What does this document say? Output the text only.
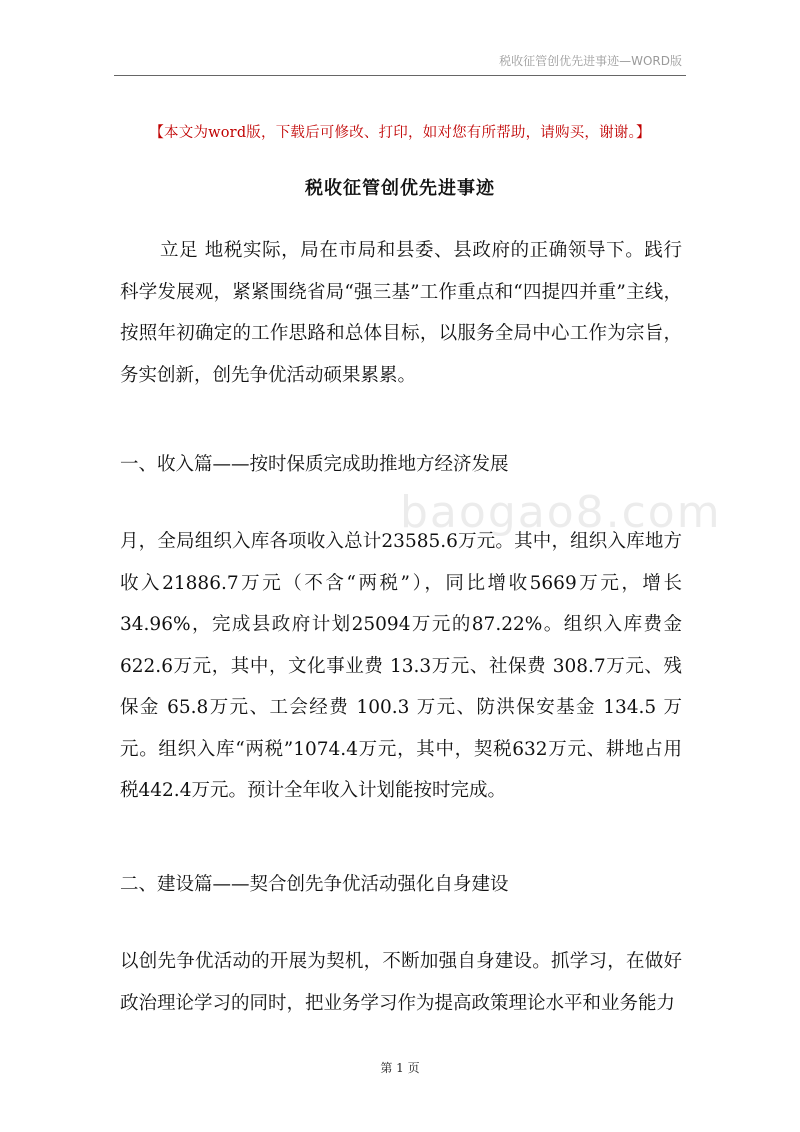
税收征管创优先进事迹—WORD版
【本文为word版，下载后可修改、打印，如对您有所帮助，请购买，谢谢。】
税收征管创优先进事迹

立足 地税实际，局在市局和县委、县政府的正确领导下。践行科学发展观，紧紧围绕省局“强三基”工作重点和“四提四并重”主线，按照年初确定的工作思路和总体目标，以服务全局中心工作为宗旨，务实创新，创先争优活动硕果累累。

一、收入篇——按时保质完成助推地方经济发展

baogao8.com

月，全局组织入库各项收入总计23585.6万元。其中，组织入库地方收入21886.7万元（不含“两税”），同比增收5669万元，增长34.96%，完成县政府计划25094万元的87.22%。组织入库费金622.6万元，其中，文化事业费 13.3万元、社保费 308.7万元、残保金 65.8万元、工会经费 100.3 万元、防洪保安基金 134.5 万元。组织入库“两税”1074.4万元，其中，契税632万元、耕地占用税442.4万元。预计全年收入计划能按时完成。

二、建设篇——契合创先争优活动强化自身建设

以创先争优活动的开展为契机，不断加强自身建设。抓学习，在做好政治理论学习的同时，把业务学习作为提高政策理论水平和业务能力

第 1 页
